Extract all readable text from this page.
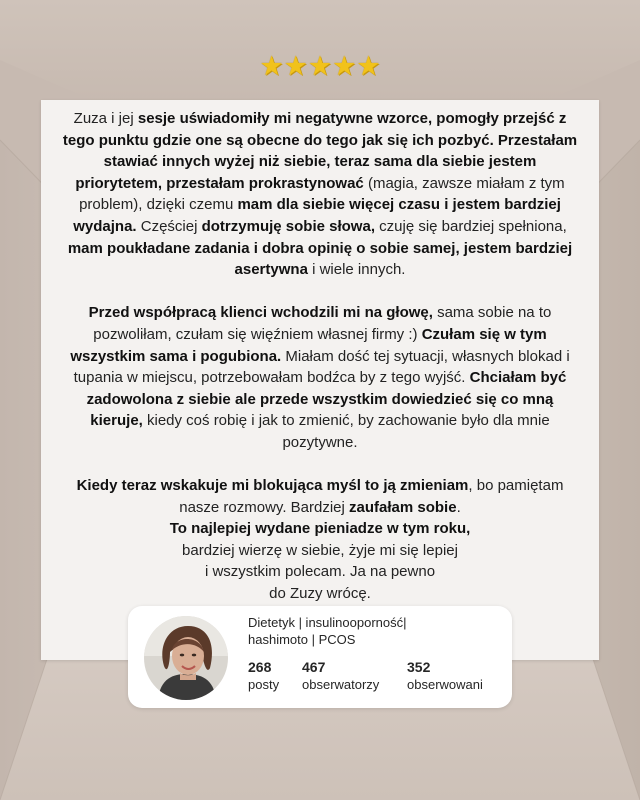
★★★★★

Zuza i jej sesje uświadomiły mi negatywne wzorce, pomogły przejść z tego punktu gdzie one są obecne do tego jak się ich pozbyć. Przestałam stawiać innych wyżej niż siebie, teraz sama dla siebie jestem priorytetem, przestałam prokrastynować (magia, zawsze miałam z tym problem), dzięki czemu mam dla siebie więcej czasu i jestem bardziej wydajna. Częściej dotrzymuję sobie słowa, czuję się bardziej spełniona, mam poukładane zadania i dobra opinię o sobie samej, jestem bardziej asertywna i wiele innych.

Przed współpracą klienci wchodzili mi na głowę, sama sobie na to pozwoliłam, czułam się więźniem własnej firmy :) Czułam się w tym wszystkim sama i pogubiona. Miałam dość tej sytuacji, własnych blokad i tupania w miejscu, potrzebowałam bodźca by z tego wyjść. Chciałam być zadowolona z siebie ale przede wszystkim dowiedzieć się co mną kieruje, kiedy coś robię i jak to zmienić, by zachowanie było dla mnie pozytywne.

Kiedy teraz wskakuje mi blokująca myśl to ją zmieniam, bo pamiętam nasze rozmowy. Bardziej zaufałam sobie.
To najlepiej wydane pieniadze w tym roku,
bardziej wierzę w siebie, żyje mi się lepiej
i wszystkim polecam. Ja na pewno
do Zuzy wrócę.

Dietetyk | insulinooporność|
hashimoto | PCOS
268
posty
467
obserwatorzy
352
obserwowani
